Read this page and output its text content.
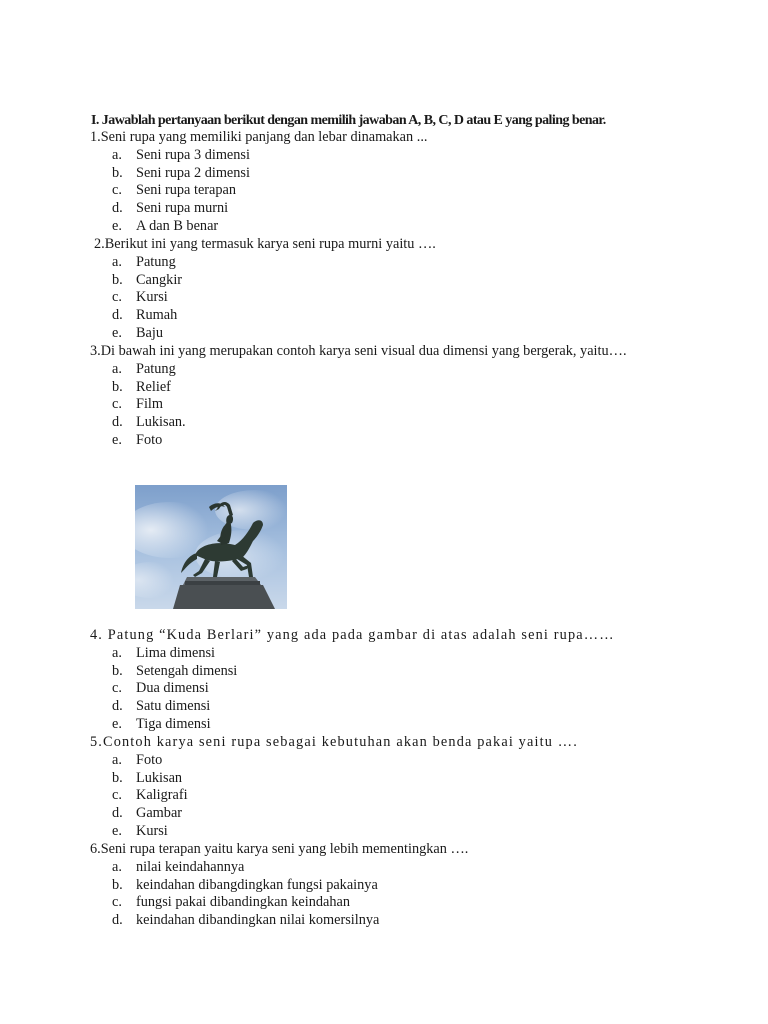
I. Jawablah pertanyaan berikut dengan memilih jawaban A, B, C, D atau E yang paling benar.
1.Seni rupa yang memiliki panjang dan lebar dinamakan ...
a. Seni rupa 3 dimensi
b. Seni rupa 2 dimensi
c. Seni rupa terapan
d. Seni rupa murni
e. A dan B benar
2.Berikut ini yang termasuk karya seni rupa murni yaitu ….
a. Patung
b. Cangkir
c. Kursi
d. Rumah
e. Baju
3.Di bawah ini yang merupakan contoh karya seni visual dua dimensi yang bergerak, yaitu….
a. Patung
b. Relief
c. Film
d. Lukisan.
e. Foto
4. Patung “Kuda Berlari” yang ada pada gambar di atas adalah seni rupa……
a. Lima dimensi
b. Setengah dimensi
c. Dua dimensi
d. Satu dimensi
e. Tiga dimensi
5.Contoh karya seni rupa sebagai kebutuhan akan benda pakai yaitu ….
a. Foto
b. Lukisan
c. Kaligrafi
d. Gambar
e. Kursi
6.Seni rupa terapan yaitu karya seni yang lebih mementingkan ….
a. nilai keindahannya
b. keindahan dibangdingkan fungsi pakainya
c. fungsi pakai dibandingkan keindahan
d. keindahan dibandingkan nilai komersilnya
